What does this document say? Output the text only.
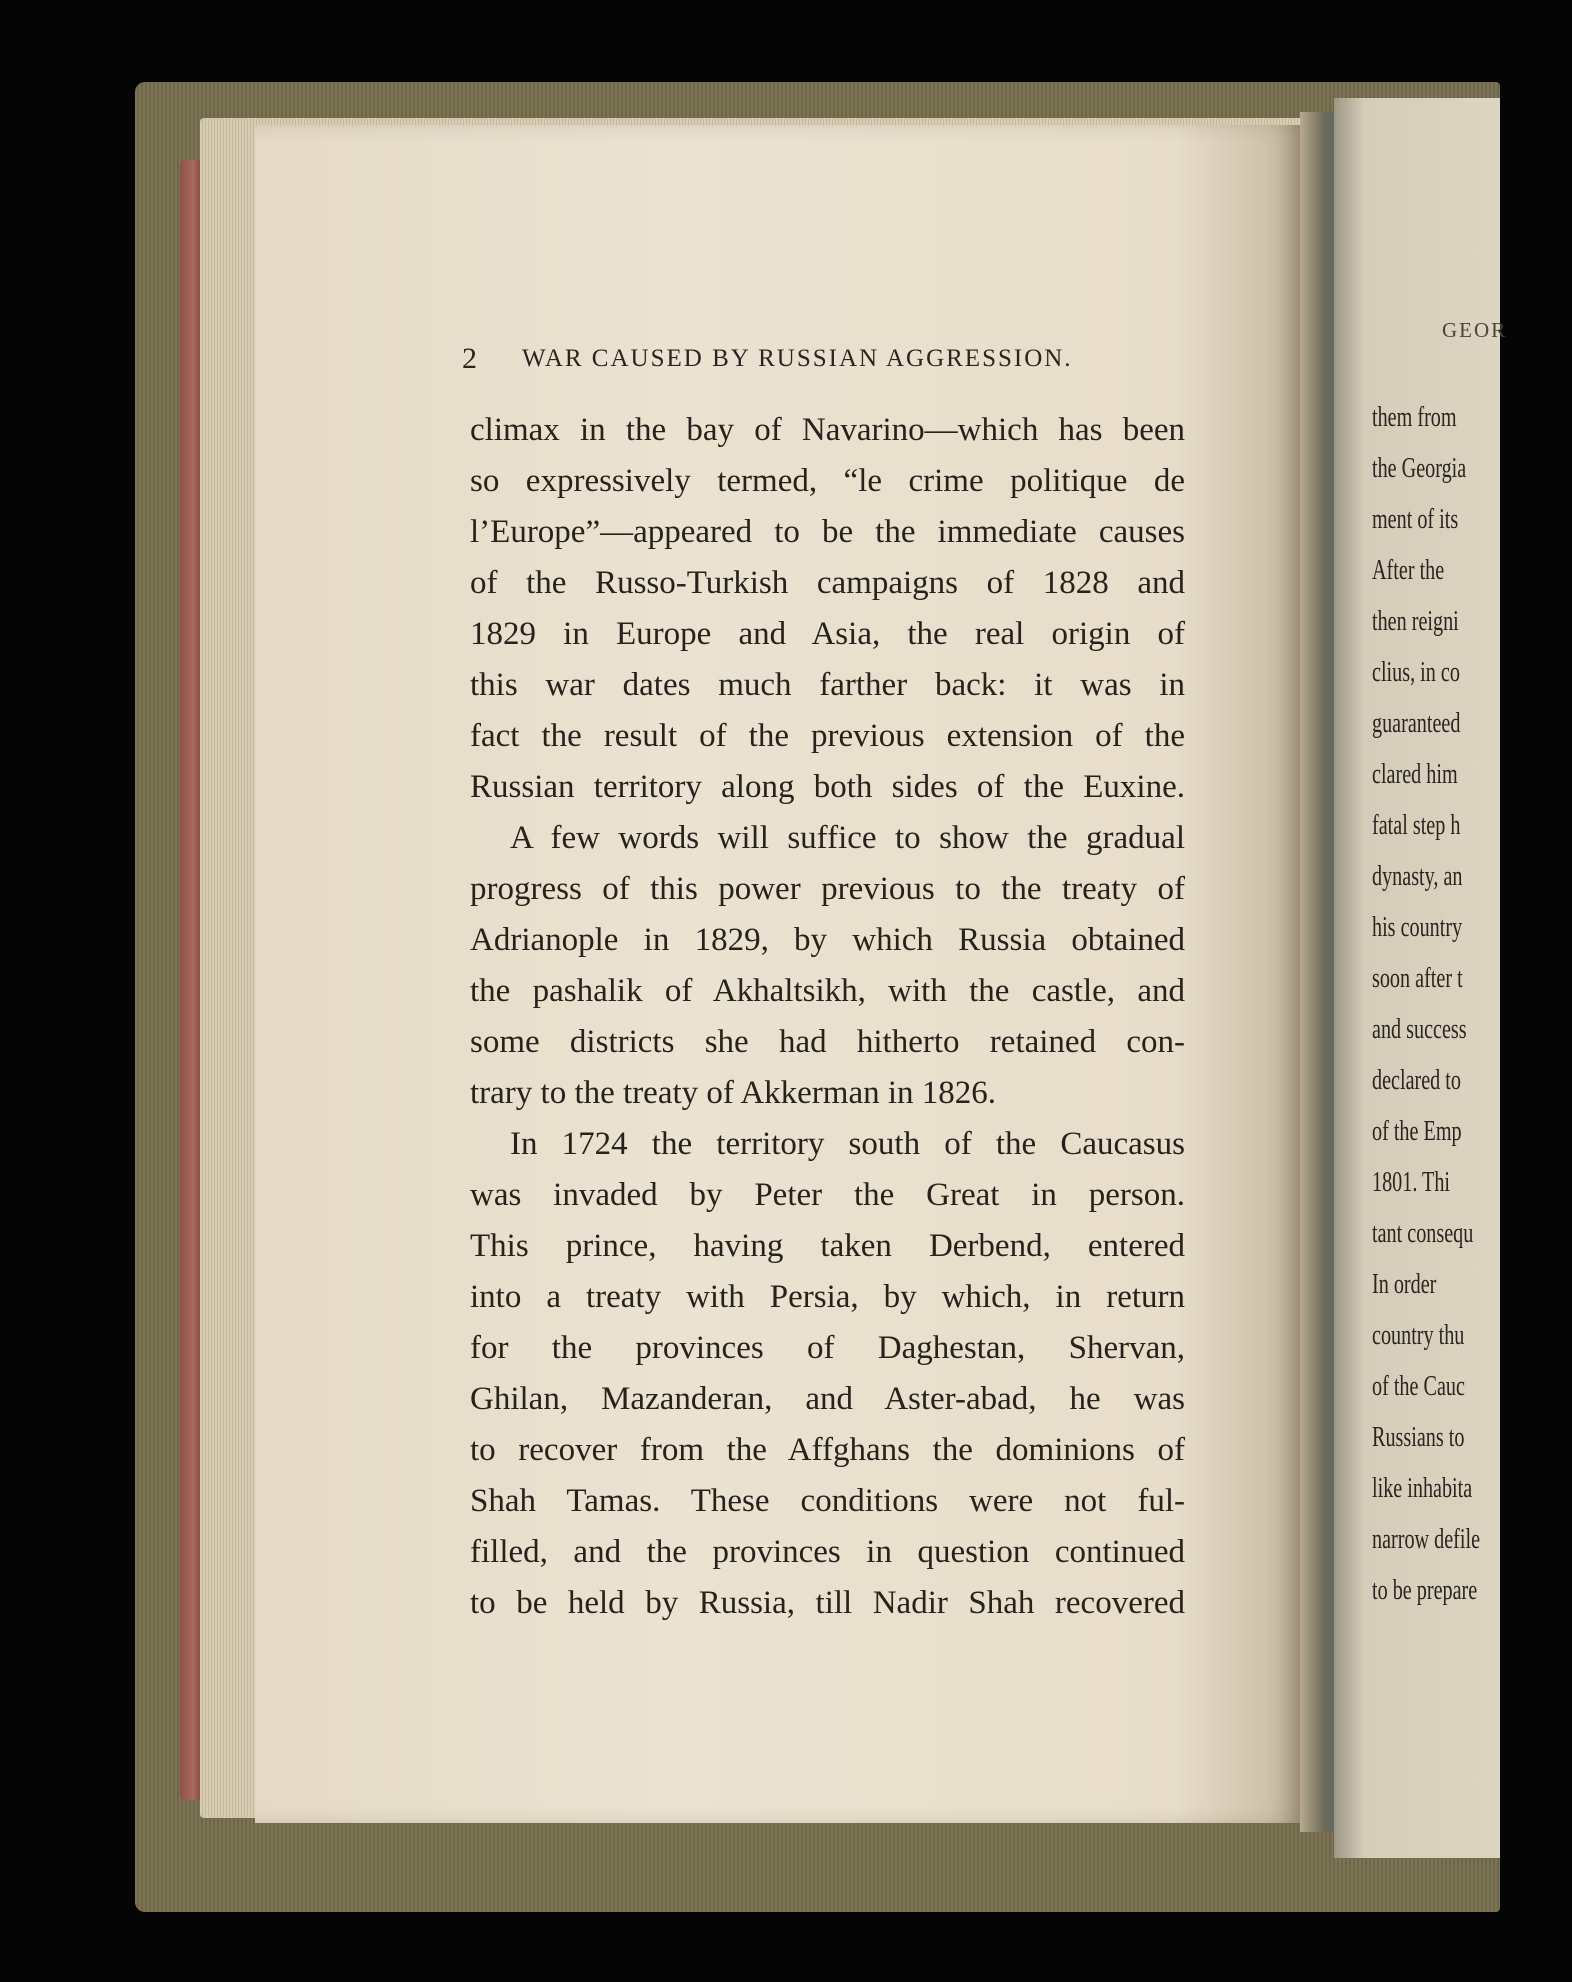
2 WAR CAUSED BY RUSSIAN AGGRESSION.
climax in the bay of Navarino—which has been
so expressively termed, “le crime politique de
l’Europe”—appeared to be the immediate causes
of the Russo-Turkish campaigns of 1828 and
1829 in Europe and Asia, the real origin of
this war dates much farther back: it was in
fact the result of the previous extension of the
Russian territory along both sides of the Euxine.
A few words will suffice to show the gradual
progress of this power previous to the treaty of
Adrianople in 1829, by which Russia obtained
the pashalik of Akhaltsikh, with the castle, and
some districts she had hitherto retained con-
trary to the treaty of Akkerman in 1826.
In 1724 the territory south of the Caucasus
was invaded by Peter the Great in person.
This prince, having taken Derbend, entered
into a treaty with Persia, by which, in return
for the provinces of Daghestan, Shervan,
Ghilan, Mazanderan, and Aster-abad, he was
to recover from the Affghans the dominions of
Shah Tamas. These conditions were not ful-
filled, and the provinces in question continued
to be held by Russia, till Nadir Shah recovered
GEOR
them from
the Georgia
ment of its
After the
then reigni
clius, in co
guaranteed
clared him
fatal step h
dynasty, an
his country
soon after t
and success
declared to
of the Emp
1801. Thi
tant consequ
In order
country thu
of the Cauc
Russians to
like inhabita
narrow defile
to be prepare
